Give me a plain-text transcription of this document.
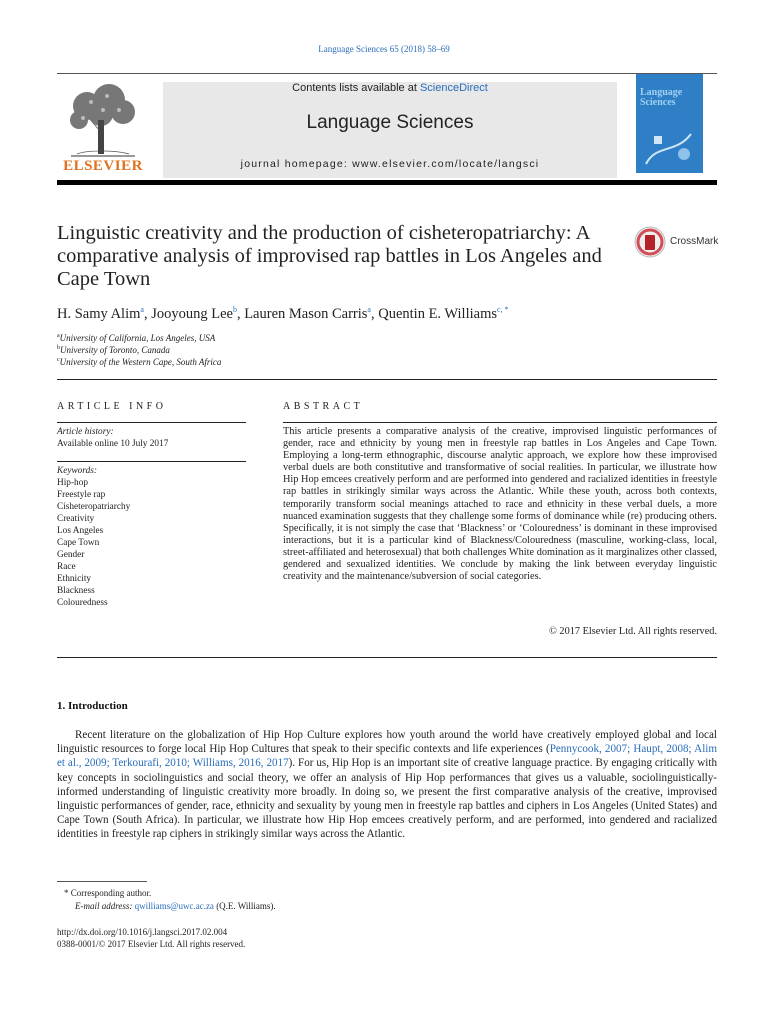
Language Sciences 65 (2018) 58–69
ELSEVIER
Contents lists available at ScienceDirect
Language Sciences
journal homepage: www.elsevier.com/locate/langsci
Language Sciences
Linguistic creativity and the production of cisheteropatriarchy: A comparative analysis of improvised rap battles in Los Angeles and Cape Town
CrossMark
H. Samy Alim$^a$, Jooyoung Lee$^b$, Lauren Mason Carris$^a$, Quentin E. Williams$^{c, *}$
$^a$University of California, Los Angeles, USA
$^b$University of Toronto, Canada
$^c$University of the Western Cape, South Africa
ARTICLE INFO
Article history:
Available online 10 July 2017
Keywords:
Hip-hop
Freestyle rap
Cisheteropatriarchy
Creativity
Los Angeles
Cape Town
Gender
Race
Ethnicity
Blackness
Colouredness
ABSTRACT
This article presents a comparative analysis of the creative, improvised linguistic performances of gender, race and ethnicity by young men in freestyle rap battles in Los Angeles and Cape Town. Employing a long-term ethnographic, discourse analytic approach, we explore how these improvised verbal duels are both constitutive and transformative of social realities. In particular, we illustrate how Hip Hop emcees creatively perform and are performed into gendered and racialized identities in freestyle rap battles in strikingly similar ways across the Atlantic. While these youth, across both contexts, temporarily transform social meanings attached to race and ethnicity in these verbal duels, a more nuanced examination suggests that they challenge some forms of dominance while (re) producing others. Specifically, it is not simply the case that ‘Blackness’ or ‘Colouredness’ is dominant in these improvised interactions, but it is a particular kind of Blackness/Colouredness (masculine, working-class, local, street-affiliated and heterosexual) that both challenges White domination as it marginalizes other classed, gendered and sexualized identities. We conclude by making the link between everyday linguistic creativity and the maintenance/subversion of social categories.
© 2017 Elsevier Ltd. All rights reserved.
1. Introduction
Recent literature on the globalization of Hip Hop Culture explores how youth around the world have creatively employed global and local linguistic resources to forge local Hip Hop Cultures that speak to their specific contexts and life experiences (Pennycook, 2007; Haupt, 2008; Alim et al., 2009; Terkourafi, 2010; Williams, 2016, 2017). For us, Hip Hop is an important site of creative language practice. By engaging critically with key concepts in sociolinguistics and social theory, we offer an analysis of Hip Hop performances that gives us a valuable, sociolinguistically-informed understanding of linguistic creativity more broadly. In doing so, we present the first comparative analysis of the creative, improvised linguistic performances of gender, race, ethnicity and sexuality by young men in freestyle rap battles and ciphers in Los Angeles (United States) and Cape Town (South Africa). In particular, we illustrate how Hip Hop emcees creatively perform, and are performed, into gendered and racialized identities in freestyle rap ciphers in strikingly similar ways across the Atlantic.
* Corresponding author.
E-mail address: qwilliams@uwc.ac.za (Q.E. Williams).
http://dx.doi.org/10.1016/j.langsci.2017.02.004
0388-0001/© 2017 Elsevier Ltd. All rights reserved.
